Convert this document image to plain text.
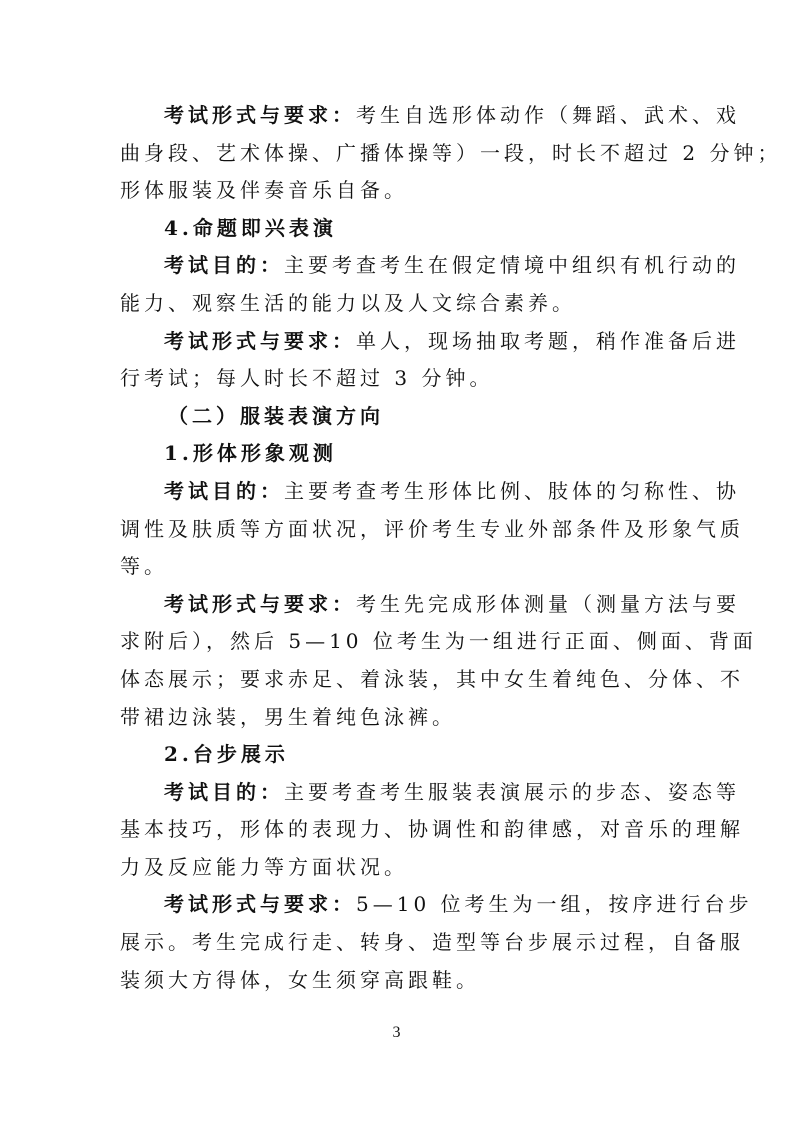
考试形式与要求：考生自选形体动作（舞蹈、武术、戏
曲身段、艺术体操、广播体操等）一段，时长不超过 2 分钟；
形体服装及伴奏音乐自备。
4.命题即兴表演
考试目的：主要考查考生在假定情境中组织有机行动的
能力、观察生活的能力以及人文综合素养。
考试形式与要求：单人，现场抽取考题，稍作准备后进
行考试；每人时长不超过 3 分钟。
（二）服装表演方向
1.形体形象观测
考试目的：主要考查考生形体比例、肢体的匀称性、协
调性及肤质等方面状况，评价考生专业外部条件及形象气质
等。
考试形式与要求：考生先完成形体测量（测量方法与要
求附后），然后 5—10 位考生为一组进行正面、侧面、背面
体态展示；要求赤足、着泳装，其中女生着纯色、分体、不
带裙边泳装，男生着纯色泳裤。
2.台步展示
考试目的：主要考查考生服装表演展示的步态、姿态等
基本技巧，形体的表现力、协调性和韵律感，对音乐的理解
力及反应能力等方面状况。
考试形式与要求：5—10 位考生为一组，按序进行台步
展示。考生完成行走、转身、造型等台步展示过程，自备服
装须大方得体，女生须穿高跟鞋。
3
